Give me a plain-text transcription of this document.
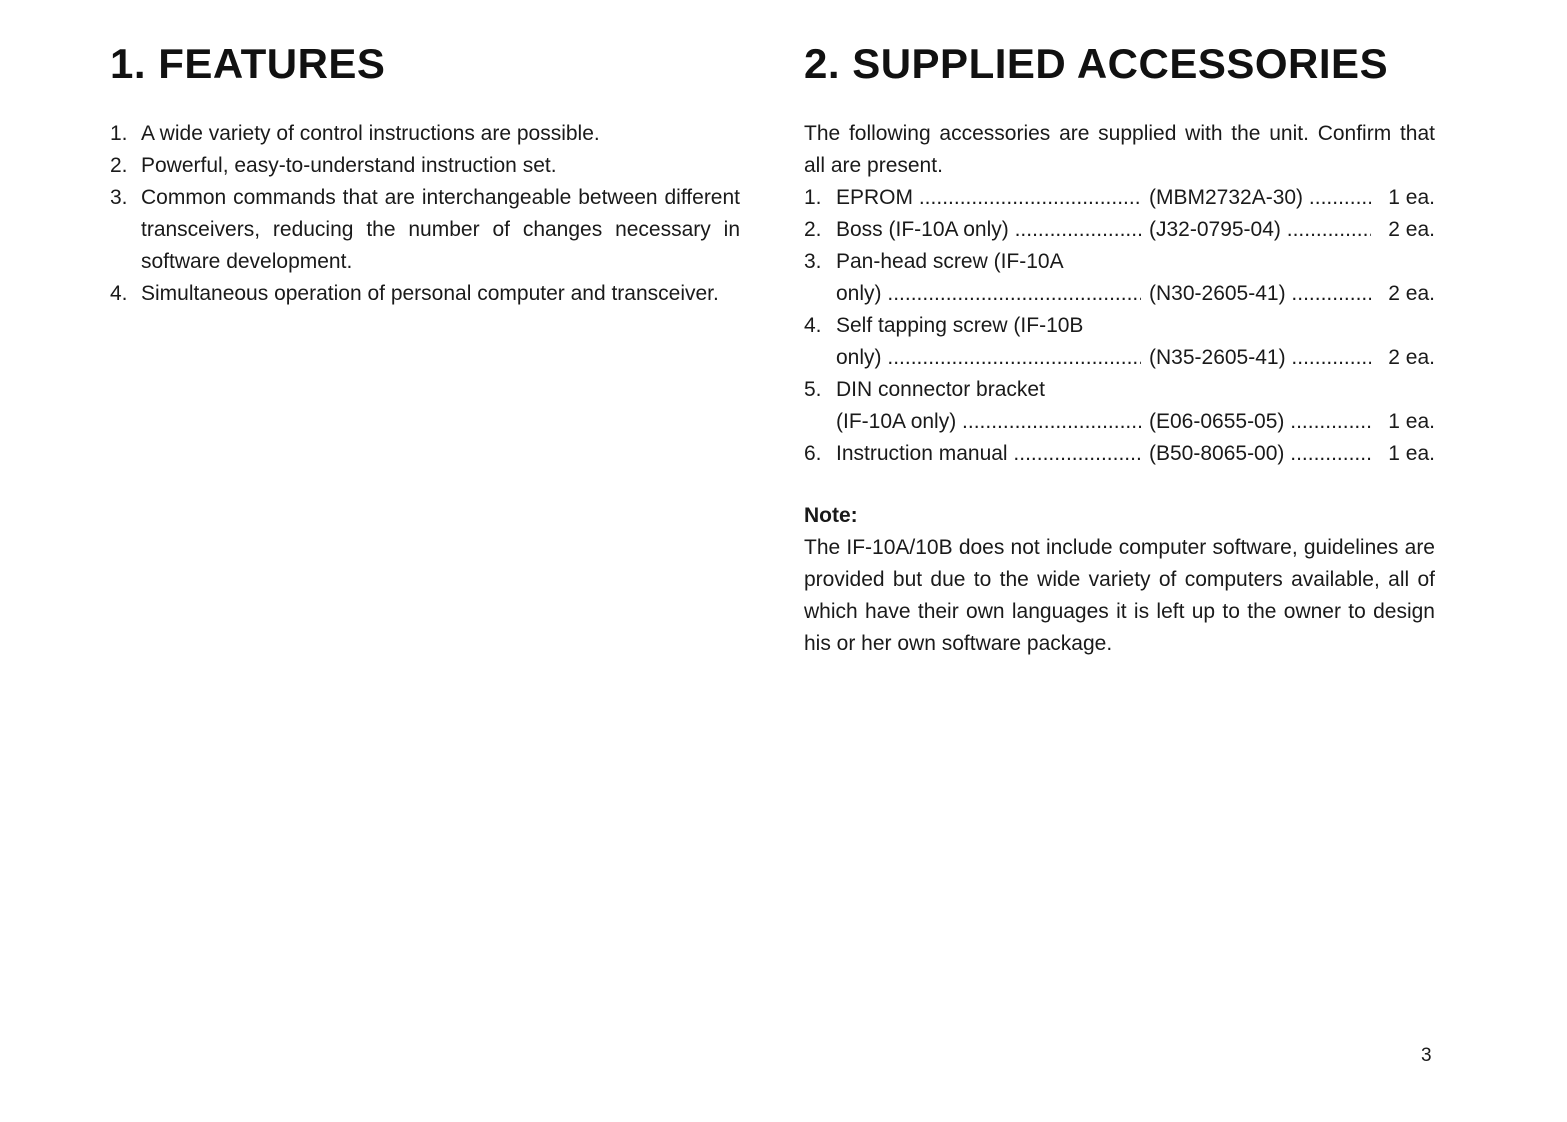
1. FEATURES
1. A wide variety of control instructions are possible.
2. Powerful, easy-to-understand instruction set.
3. Common commands that are interchangeable between different transceivers, reducing the number of changes necessary in software development.
4. Simultaneous operation of personal computer and transceiver.
2. SUPPLIED ACCESSORIES
The following accessories are supplied with the unit. Confirm that all are present.
1. EPROM .....	(MBM2732A-30) .....	1 ea.
2. Boss (IF-10A only) .....	(J32-0795-04) .....	2 ea.
3. Pan-head screw (IF-10A
only) .....	(N30-2605-41) .....	2 ea.
4. Self tapping screw (IF-10B
only) .....	(N35-2605-41) .....	2 ea.
5. DIN connector bracket
(IF-10A only) .....	(E06-0655-05) .....	1 ea.
6. Instruction manual .....	(B50-8065-00) .....	1 ea.
Note:
The IF-10A/10B does not include computer software, guidelines are provided but due to the wide variety of computers available, all of which have their own languages it is left up to the owner to design his or her own software package.
3
